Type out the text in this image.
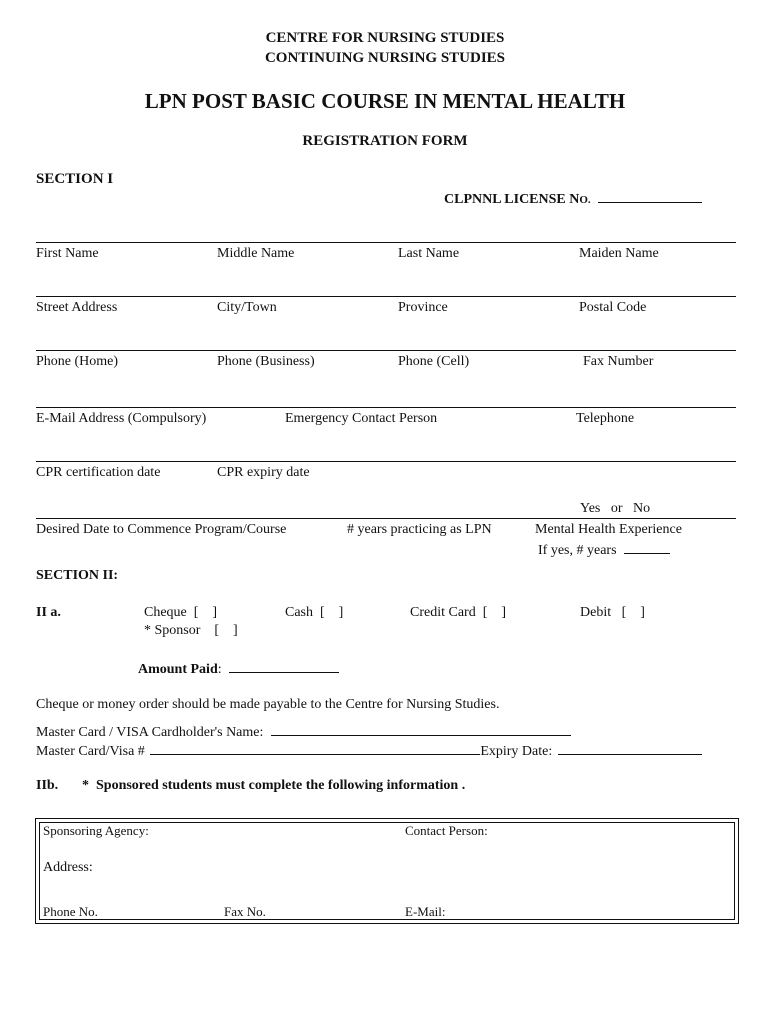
CENTRE FOR NURSING STUDIES
CONTINUING NURSING STUDIES
LPN POST BASIC COURSE IN MENTAL HEALTH
REGISTRATION FORM
SECTION I
CLPNNL LICENSE NO.
First Name	Middle Name	Last Name	Maiden Name
Street Address	City/Town	Province	Postal Code
Phone (Home)	Phone (Business)	Phone (Cell)	Fax Number
E-Mail Address (Compulsory)	Emergency Contact Person	Telephone
CPR certification date	CPR expiry date
Yes   or   No
Desired Date to Commence Program/Course	# years practicing as LPN	Mental Health Experience
If yes, # years
SECTION II:
II a.	Cheque  [    ]	Cash  [    ]	Credit Card  [    ]	Debit   [    ]
* Sponsor    [    ]
Amount Paid:
Cheque or money order should be made payable to the Centre for Nursing Studies.
Master Card / VISA Cardholder's Name:
Master Card/Visa #	Expiry Date:
IIb. *  Sponsored students must complete the following information .
Sponsoring Agency:	Contact Person:
Address:
Phone No.	Fax No.	E-Mail:
